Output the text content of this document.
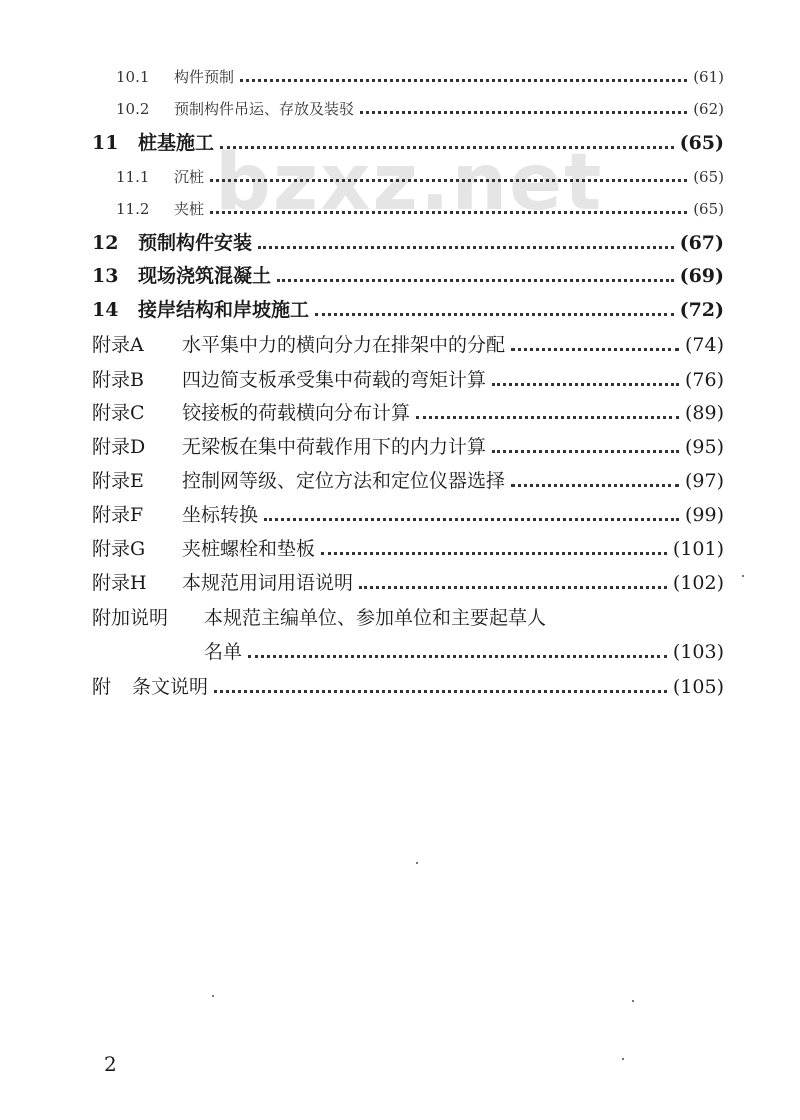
bzxz.net
10.1	构件预制	(61)
10.2	预制构件吊运、存放及装驳	(62)
11	桩基施工	(65)
11.1	沉桩	(65)
11.2	夹桩	(65)
12	预制构件安装	(67)
13	现场浇筑混凝土	(69)
14	接岸结构和岸坡施工	(72)
附录A	水平集中力的横向分力在排架中的分配	(74)
附录B	四边简支板承受集中荷载的弯矩计算	(76)
附录C	铰接板的荷载横向分布计算	(89)
附录D	无梁板在集中荷载作用下的内力计算	(95)
附录E	控制网等级、定位方法和定位仪器选择	(97)
附录F	坐标转换	(99)
附录G	夹桩螺栓和垫板	(101)
附录H	本规范用词用语说明	(102)
附加说明	本规范主编单位、参加单位和主要起草人
名单	(103)
附	条文说明	(105)
2
